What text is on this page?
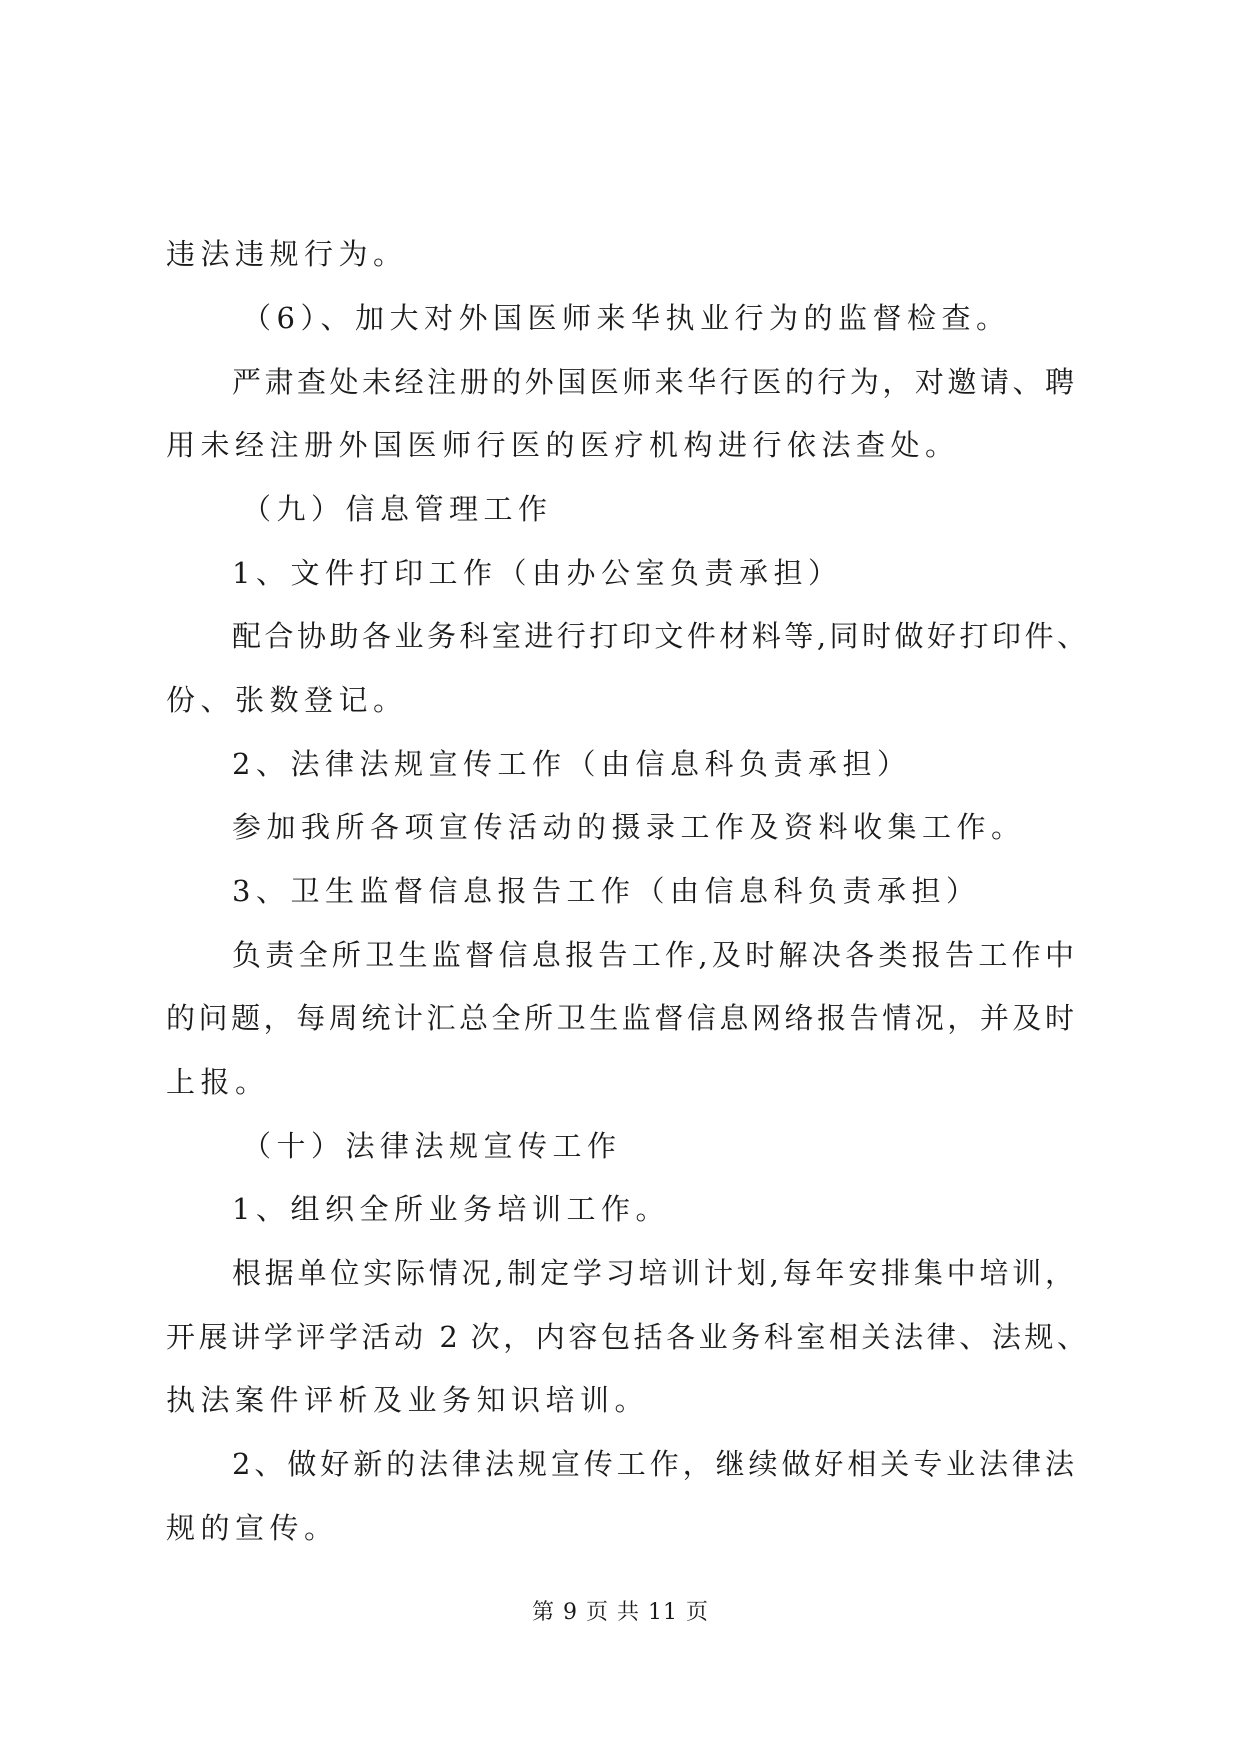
违法违规行为。

（6）、加大对外国医师来华执业行为的监督检查。

严肃查处未经注册的外国医师来华行医的行为，对邀请、聘

用未经注册外国医师行医的医疗机构进行依法查处。

（九）信息管理工作

1、文件打印工作（由办公室负责承担）

配合协助各业务科室进行打印文件材料等,同时做好打印件、

份、张数登记。

2、法律法规宣传工作（由信息科负责承担）

参加我所各项宣传活动的摄录工作及资料收集工作。

3、卫生监督信息报告工作（由信息科负责承担）

负责全所卫生监督信息报告工作,及时解决各类报告工作中

的问题，每周统计汇总全所卫生监督信息网络报告情况，并及时

上报。

（十）法律法规宣传工作

1、组织全所业务培训工作。

根据单位实际情况,制定学习培训计划,每年安排集中培训，

开展讲学评学活动 2 次，内容包括各业务科室相关法律、法规、

执法案件评析及业务知识培训。

2、做好新的法律法规宣传工作，继续做好相关专业法律法

规的宣传。

第 9 页 共 11 页
